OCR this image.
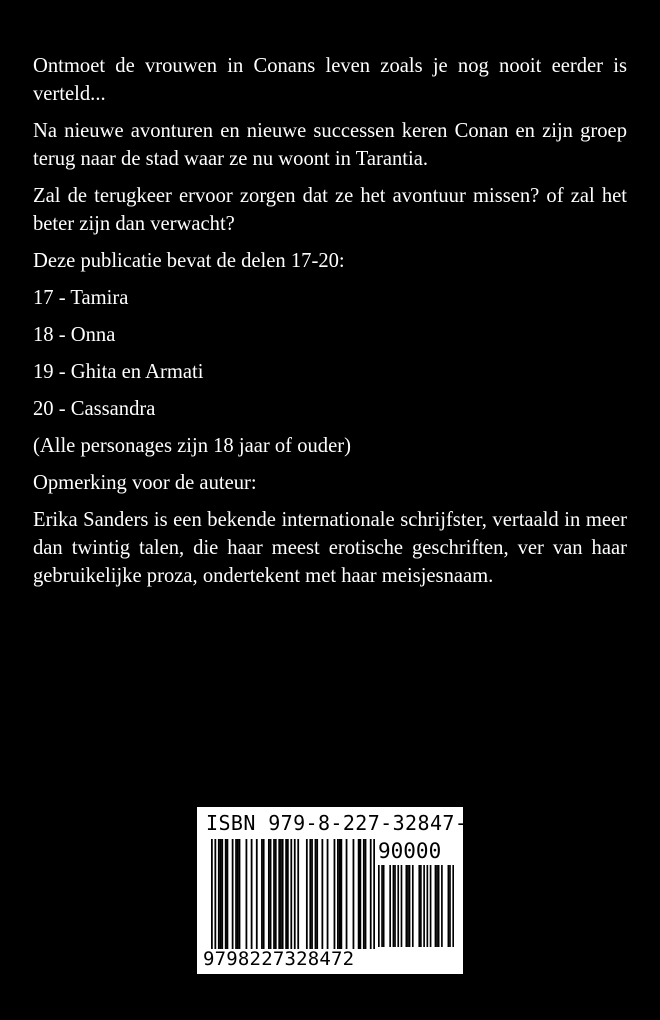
Ontmoet de vrouwen in Conans leven zoals je nog nooit eerder is verteld...

Na nieuwe avonturen en nieuwe successen keren Conan en zijn groep terug naar de stad waar ze nu woont in Tarantia.

Zal de terugkeer ervoor zorgen dat ze het avontuur missen? of zal het beter zijn dan verwacht?

Deze publicatie bevat de delen 17-20:

17 - Tamira

18 - Onna

19 - Ghita en Armati

20 - Cassandra

(Alle personages zijn 18 jaar of ouder)

Opmerking voor de auteur:

Erika Sanders is een bekende internationale schrijfster, vertaald in meer dan twintig talen, die haar meest erotische geschriften, ver van haar gebruikelijke proza, ondertekent met haar meisjesnaam.

ISBN 979-8-227-32847-2
90000
9798227328472
